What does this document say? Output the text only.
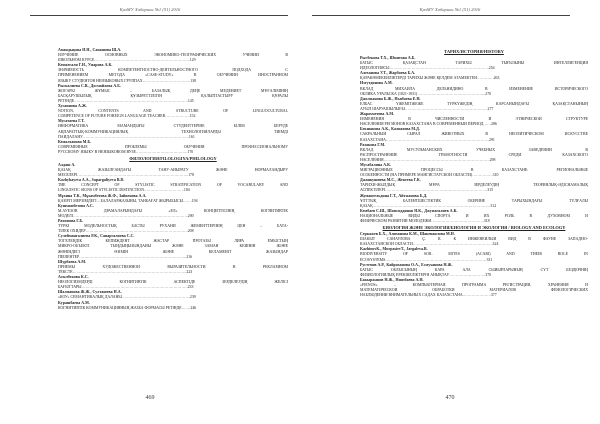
ҚазМУ Хабаршы №1 (51) 2016
Амандықова Н.Н., Сапашова Ш.А.
ИЗУЧЕНИЕ ОСНОВНЫХ ЭКОНОМИКО-ГЕОГРАФИЧЕСКИХ УЧЕНИЙ В
ШКОЛЬНОМ КУРСЕ………………………………………………………………..129
Кенжегали Г.Н., Умарова А.К.
ЗНАЧИМОСТЬ КОМПЕТЕНТНОСТНО-ДЕЯТЕЛЬНОСТНОГО ПОДХОДА С
ПРИМЕНЕНИЕМ МЕТОДА «CASE-STUDY» В ОБУЧЕНИИ ИНОСТРАННОМ
ЯЗЫКУ СТУДЕНТОВ НЕЯЗЫКОВЫХ ГРУППАХ……………………………….138
Рыскалиева С.В., Досмайлова А.Б.
ЖОҒАРЫ ЖҰМЫС – БАЗАЛЫҚ ДЕҢЕ МЕДЕНИЕТ МҰҒАЛІМІНІҢ
БАСҚАРУШЫЛЫҚ ҚҰЗЫРЕТТІЛІГІН ҚАЛЫПТАСТЫРУ ҚҰРАЛЫ
РЕТІНДЕ…………………………………………………………………………….145
Хусаинова А.Ж.
NOTION, CONTENTS AND STRUCTURE OF LINGUOCULTURAL
COMPETENCE OF FUTURE FOREIGN LANGUAGE TEACHER……………….152
Мусатаева Г.Т.
ИНФОРМАТИКА МАМАНДЫҒЫ СТУДЕНТТЕРІНЕ БІЛІМ БЕРУДЕ
АҚПАРАТТЫҚ-КОММУНИКАЦИЯЛЫҚ ТЕХНОЛОГИЯЛАРДЫ ТИІМДІ
ПАЙДАЛАНУ……………………………………………………………………….161
Кемалханова М.Б.
СОВРЕМЕННЫЕ ПРОБЛЕМЫ ОБУЧЕНИЯ ПРОФЕССИОНАЛЬНОМУ
РУССКОМУ ЯЗЫКУ В НЕЯЗЫКОВОМ ВУЗЕ………………………………….170
ФИЛОЛОГИЯ/FILOLOGIYA/PHILOLOGY
Алдаш А.
ҚАЗАҚ ЖАЗЫЛҒАНДАҒЫ ТАНУ-АЙЫРАТУ ЖӘНЕ НОРМАЛАНДЫРУ
МЕСЕЛЕРІ…………………………………………………………………………..178
Kozhybayeva A.A., Sapargaliyeva B.D.
THE CONCEPT OF STYLISTIC STRATIFICATION OF VOCABULARY AND
LINGUISTIC SIGNS OF STYLISTIC DISTINCTION………………………….184
Мұхина Т.К., Мұхамбетова Ж.Ф., Зайкенова А.А.
ҚАЗІРГІ МЕРЗІМДЕГІ – БАЛАЛАРЖАЗЫНЫ, ТАНБАҒАТ ЖЫРЫБЫСЫ…….194
Кушмамбетова А.С.
М.АУЕЗОВ ДРАМАЛАРЫНДАҒЫ «ЕЛ» КОНЦЕПТІСІНІҢ КОГНИТИВТІК
МОДЕЛІ……………………………………………………………………………..200
Рахимова Г.Б.
ТҮРКІ МОДЕЛЬНОСТЫҚ БАСТЫ РУХАНИ ЖЕМЕНТТЕРІНІҢ ЦЕН – БАТА-
ТІЛЕК ОХИДЕР…………………………………………………………………….208
Сулеймангалиева Р.К., Сапаргалиева С.С.
ТОГЕЛЕҢДІК КЕПИЖДЕНТ ЖАСТАР ПРОТАЗЫ ЛИРА ЕМЫСТЫҢ
МИКРО-ОБЪЕКТІ ТЫҢДЫҢЫЗЫНДАЙЫ ЖӘНЕ ЗАМАН КЕЙІНІН ЖӘНЕ
ЖӨНІНДЕГІ ӨЗІМІН ЖӘНЕ КЕЛАМЕНІТ ЖАЗЫНДАР
ПЕШЕНТЕР………………………………………………………………………..216
Шурбаева А.М.
ПРИЕМЫ ХУДОЖЕСТВЕННОЙ ВЫРАЗИТЕЛЬНОСТИ В РЕКЛАМНОМ
ТЕКСТЕ…………………………………………………………………………….223
Асылбекова К.С.
НЕОЛОГИЗМДЕРДІ КОГНИТИВТІК АСПЕКТІДЕ ЗЕРДЕЛЕУДІҢ ЖЕЛІСІ
БАҒЫТТАРЫ……………………………………………………………………….233
Шалманова Ж.Ж., Султашева Н.А.
«КОУ» СЕМАНТИКАЛЫҚ ДАЛАНЫ……………………………………………..239
Курашбаева А.М.
КОГНИТИВТІК КОММУНИКАЦИЯНЫҢ ЖАЗБА ФОРМАСЫ РЕТІНДЕ…….246
469
ҚазМУ Хабаршы №1 (51) 2016
ТАРИХ/ИСТОРИЯ/HISTORY
Рысбекова Т.Х., Шмитова А.Б.
БАТЫС ҚАЗАҚСТАН ТАРИХЫ ТЫҒЫЗЫНЫ ИНТЕЛЛИГЕНЦИЯ
ИДЕОЛОГИЯСЫ…………………………………………………………………..254
Алеханова У.Т., Жарбаева Б.А.
ҚАРАКӨМЕКЕЙЛІКТЕРДІ ТАРИХЫ ЖӘНЕ ҚЕЛДЕМ АТАМЕКТЕН………….263
Изгутдинова А.М.
ВКЛАД МИХАИЛА ДЕЛЬНИДИНО В ИЗМЕНЕНИЕ ИСТОРИЧЕСКОГО
ОБЛИКА УРАЛЬСКА (1821-1831)……………………………………………..270
Джолжанова Б.Ж., Ньябаева Е.Н.
ЕЛБАС ҮЖЕМІТЖЕЖЕ ТҮРКҮЖЕДІҢ КАРСАНЫНДАҒЫ ҚАЗАҚСТАНЫНЫҢ
АУЫЛ ШАРУАШЫЛЫҒЫ……………………………………………………….277
Жарахметова А.М.
ИЗМЕНЕНИЯ В ЧИСЛЕННОСТИ И ЭТНИЧЕСКОЙ СТРУКТУРЕ
НАСЕЛЕНИЯ РЕГИОНОВ КАЗАХСТАНА В СОВРЕМЕННЫЙ ПЕРИОД……286
Бекшакова А.К., Калиахова М.Д.
САКРАЛЬНЫЙ СЫРАЛ ЖИВОТНЫХ В НЕОЛИТИЧЕСКОМ ИСКУССТВЕ
КАЗАХСТАНА……………………………………………………………………..291
Разакова Г.М.
ВКЛАД МУСУЛЬМАНСКИХ УЧЕБНЫХ ЗАВЕДЕНИЙ В
РАСПРОСТРАНЕНИЕ ГРАМОТНОСТИ СРЕДИ КАЗАХСКОГО
НАСЕЛЕНИЯ……………………………………………………………………….298
Мусабалина А.К.
МИГРАЦИОННЫЕ ПРОЦЕССЫ В КАЗАХСТАНЕ: РЕГИОНАЛЬНЫЕ
ОСОБЕННОСТИ (НА ПРИМЕРЕ МАНГИСТАУСКОЙ ОБЛАСТИ)…………….310
Джанкушиева М.С., Жекеева Г.К.
ТАРИХИ-ЖЫЛДЫҚ МҰРА ЗЕРДЕЛЕУДІҢ ТЕОРИЯЛЫҚ-ӘДІСНАМАЛЫҚ
АСПЕКТІЛЕРІ…………………………………………………………………….315
Жумангельдина Г.Т., Айтжанова Б.Д.
ҰЛТТЫҚ БАЛЕНТШЕСТІКТИК ОБЕРИНЕ ТАРЫХЫНДАҒЫ ТҮЛҒАЛЫ
ҚАЗАҚ……………………………………………………………………………….312
Кембаев С.Ш., Шамсиддинов Н.К., Джумагалиев А.К.
НАЦИОНАЛЬНЫЕ ВИДЫ СПОРТА И ИХ РОЛЬ В ДУХОВНОМ И
ФИЗИЧЕСКОМ РАЗВИТИИ МОЛОДЕЖИ…………………………………..318
БИОЛОГИЯ ЖӘНЕ ЭКОЛОГИЯ/БИОЛОГИЯ И ЭКОЛОГИЯ / BIOLOGY AND ECOLOGY
Серкажев Б.Х., Алиханова К.М., Шакенаилова М.Н.
ШАКЫТ САНАУЛОВА Ҫ. К. К ИНЖЕНЕЙЛЫЙ ВИД В ФАУНЕ ЗАПАДНО-
КАЗАХСТАНСКОЙ ОБЛАСТИ……………………………………………………..324
KazhinovK., MurpasievT., Jargaleva.B.
BIODIVERSITY OF SOIL MITES (ACARI) AND THEIR ROLE IN
ECOSYSTEMS……………………………………………………………………331
Рустемов А.Р., Кайраханова О.А., Есмуханова Н.Ж.
БАТЫС ОБЛЫСЫНЫҢ КАРА АЛА СЫЙЫРЛАРЫНЫҢ СҮТ БЕЗДЕРІНІҢ
ФИЗИОЛОГИЯЛЫҚ ЕРЕКШЕЛІКТЕРІН АНЫҚТАУ……………………….370
Бакыржанов Н.Ж., Ниязбаева А.Н.
«FIENOS» – КОМПЬЮТЕРНАЯ ПРОГРАММА РЕГИСТРАЦИИ, ХРАНЕНИЯ И
МАТЕМАТИЧЕСКОЙ ОБРАБОТКИ МАТЕРИАЛОВ ФЕНОЛОГИЧЕСКИХ
НАБЛЮДЕНИЙ ВНИМАТЕЛЬНЫХ САДАХ КАЗАХСТАНА………………….377
470
